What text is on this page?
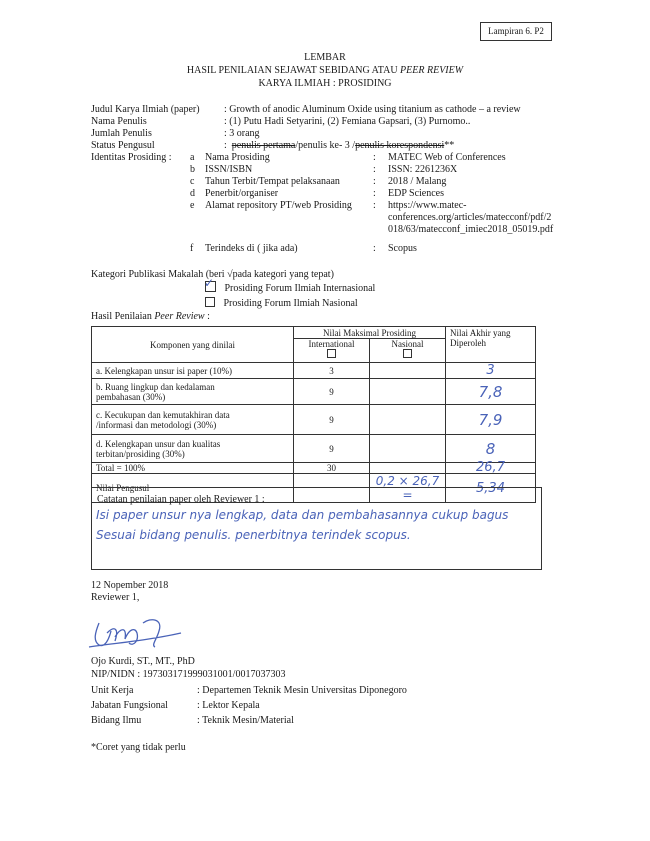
Lampiran 6. P2
LEMBAR
HASIL PENILAIAN SEJAWAT SEBIDANG ATAU PEER REVIEW
KARYA ILMIAH : PROSIDING
Judul Karya Ilmiah (paper) : Growth of anodic Aluminum Oxide using titanium as cathode – a review
Nama Penulis	: (1) Putu Hadi Setyarini, (2) Femiana Gapsari, (3) Purnomo..
Jumlah Penulis	: 3 orang
Status Pengusul	: penulis pertama/penulis ke- 3 /penulis korespondensi**
Identitas Prosiding : a Nama Prosiding	: MATEC Web of Conferences
b ISSN/ISBN	: ISSN: 2261236X
c Tahun Terbit/Tempat pelaksanaan	: 2018 / Malang
d Penerbit/organiser	: EDP Sciences
e Alamat repository PT/web Prosiding : https://www.matec-
conferences.org/articles/matecconf/pdf/2
018/63/matecconf_imiec2018_05019.pdf
f Terindeks di ( jika ada)	: Scopus
Kategori Publikasi Makalah (beri √pada kategori yang tepat)
✓ Prosiding Forum Ilmiah Internasional
Prosiding Forum Ilmiah Nasional
Hasil Penilaian Peer Review :
Komponen yang dinilai	Nilai Maksimal Prosiding		Nilai Akhir yang
Diperoleh

	International	Nasional	

a. Kelengkapan unsur isi paper (10%)	3		3

b. Ruang lingkup dan kedalaman
pembahasan (30%)	9		7,8

c. Kecukupan dan kemutakhiran data
/informasi dan metodologi (30%)	9		7,9

d. Kelengkapan unsur dan kualitas
terbitan/prosiding (30%)	9		8
Total = 100%	30		26,7
Nilai Pengusul		0,2 × 26,7 =	5,34
Catatan penilaian paper oleh Reviewer 1 :
Isi paper unsur nya lengkap, data dan pembahasannya cukup bagus
Sesuai bidang penulis. penerbitnya terindek scopus.
12 Nopember 2018
Reviewer 1,
Ojo Kurdi, ST., MT., PhD
NIP/NIDN : 197303171999031001/0017037303
Unit Kerja	: Departemen Teknik Mesin Universitas Diponegoro
Jabatan Fungsional	: Lektor Kepala
Bidang Ilmu	: Teknik Mesin/Material
*Coret yang tidak perlu
